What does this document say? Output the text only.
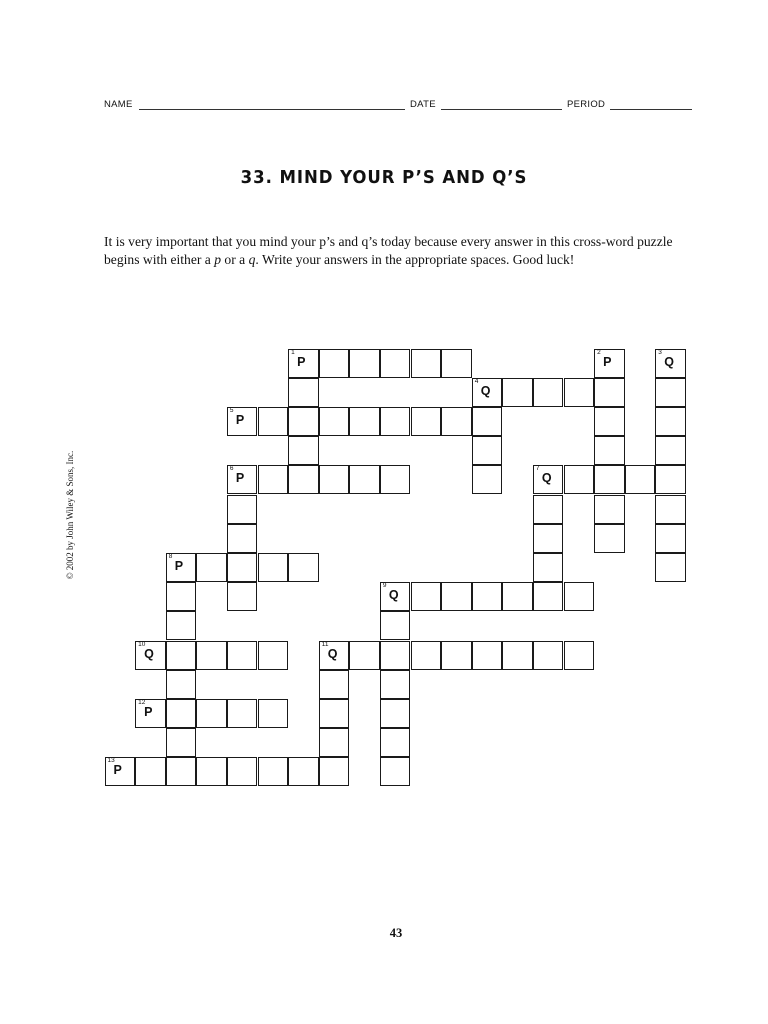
NAME	DATE	PERIOD
33. MIND YOUR P’S AND Q’S
It is very important that you mind your p’s and q’s today because every answer in this cross-word puzzle begins with either a p or a q. Write your answers in the appropriate spaces. Good luck!
© 2002 by John Wiley & Sons, Inc.
1
P
2
P
3
Q
4
Q
5
P
6
P
7
Q
8
P
9
Q
10
Q
11
Q
12
P
13
P
43
